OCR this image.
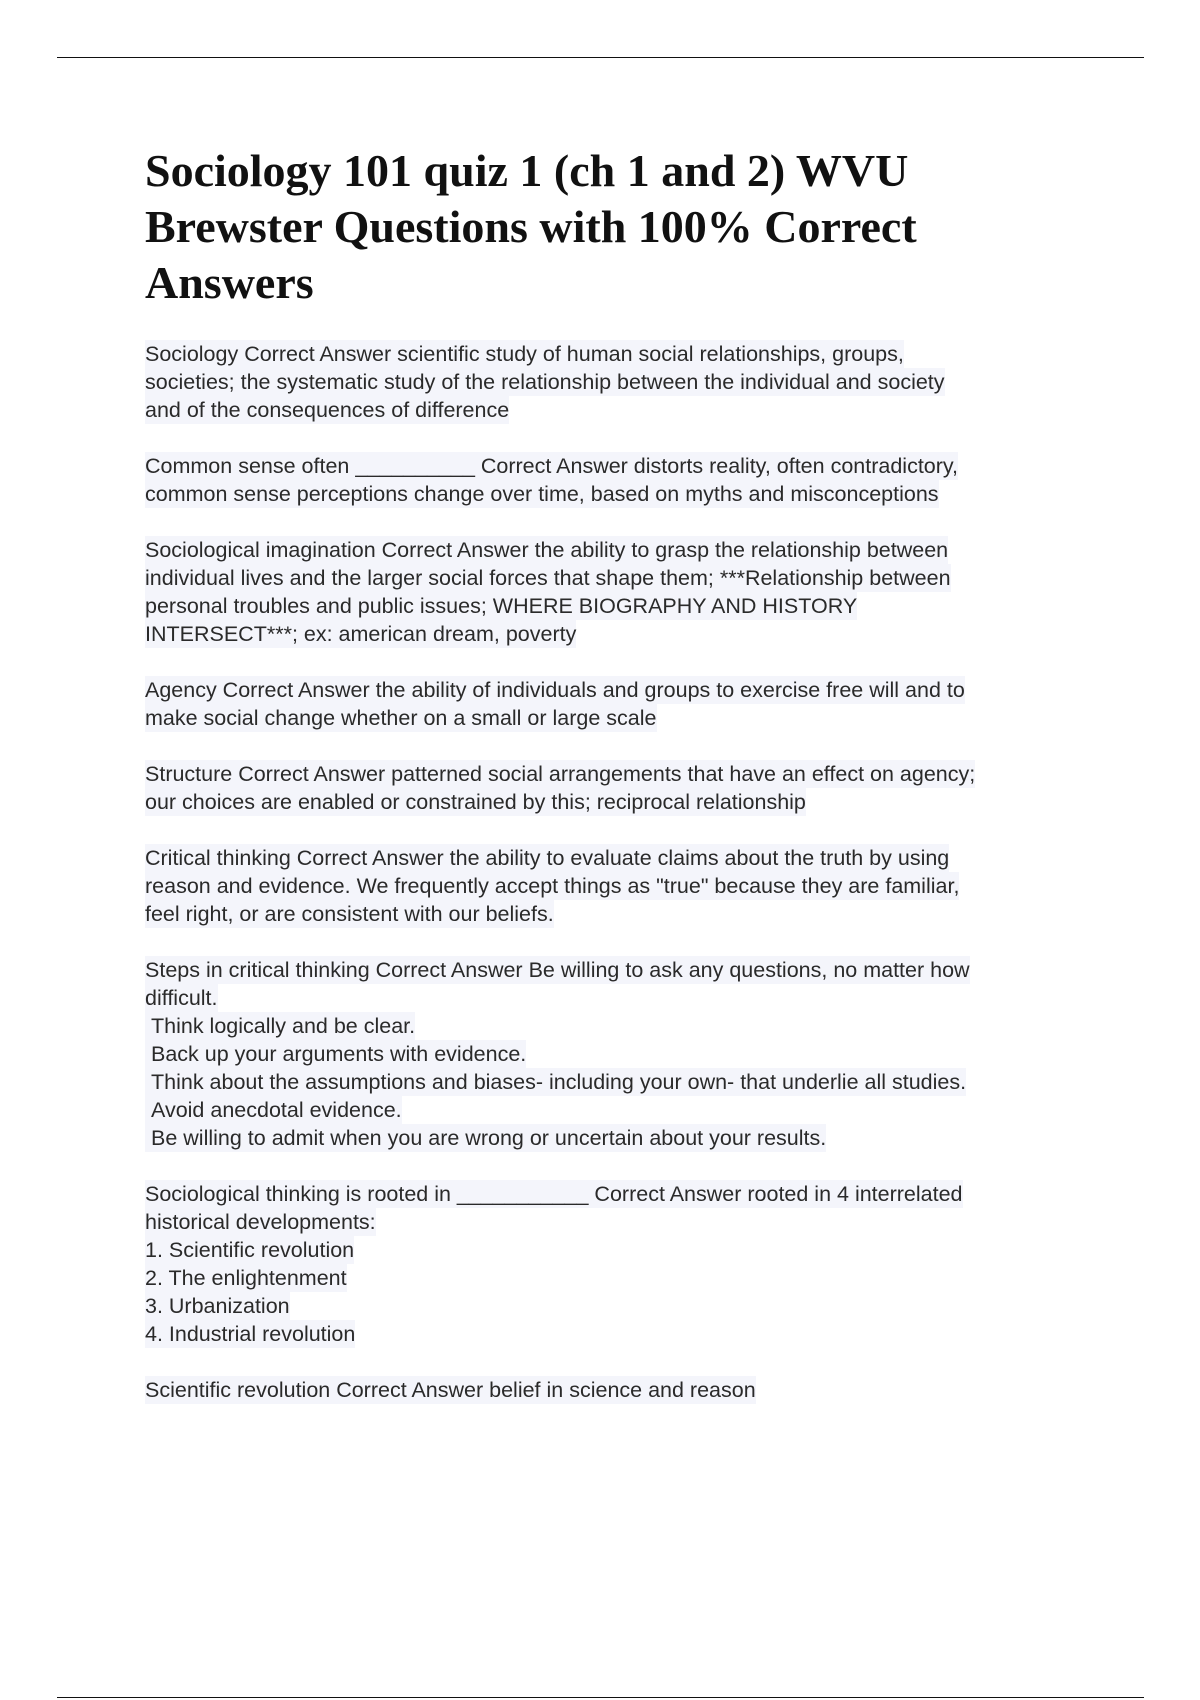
Sociology 101 quiz 1 (ch 1 and 2) WVU
Brewster Questions with 100% Correct
Answers

Sociology Correct Answer scientific study of human social relationships, groups,
societies; the systematic study of the relationship between the individual and society
and of the consequences of difference

Common sense often __________ Correct Answer distorts reality, often contradictory,
common sense perceptions change over time, based on myths and misconceptions

Sociological imagination Correct Answer the ability to grasp the relationship between
individual lives and the larger social forces that shape them; ***Relationship between
personal troubles and public issues; WHERE BIOGRAPHY AND HISTORY
INTERSECT***; ex: american dream, poverty

Agency Correct Answer the ability of individuals and groups to exercise free will and to
make social change whether on a small or large scale

Structure Correct Answer patterned social arrangements that have an effect on agency;
our choices are enabled or constrained by this; reciprocal relationship

Critical thinking Correct Answer the ability to evaluate claims about the truth by using
reason and evidence. We frequently accept things as "true" because they are familiar,
feel right, or are consistent with our beliefs.

Steps in critical thinking Correct Answer Be willing to ask any questions, no matter how
difficult.
Think logically and be clear.
Back up your arguments with evidence.
Think about the assumptions and biases- including your own- that underlie all studies.
Avoid anecdotal evidence.
Be willing to admit when you are wrong or uncertain about your results.

Sociological thinking is rooted in ___________ Correct Answer rooted in 4 interrelated
historical developments:
1. Scientific revolution
2. The enlightenment
3. Urbanization
4. Industrial revolution

Scientific revolution Correct Answer belief in science and reason
